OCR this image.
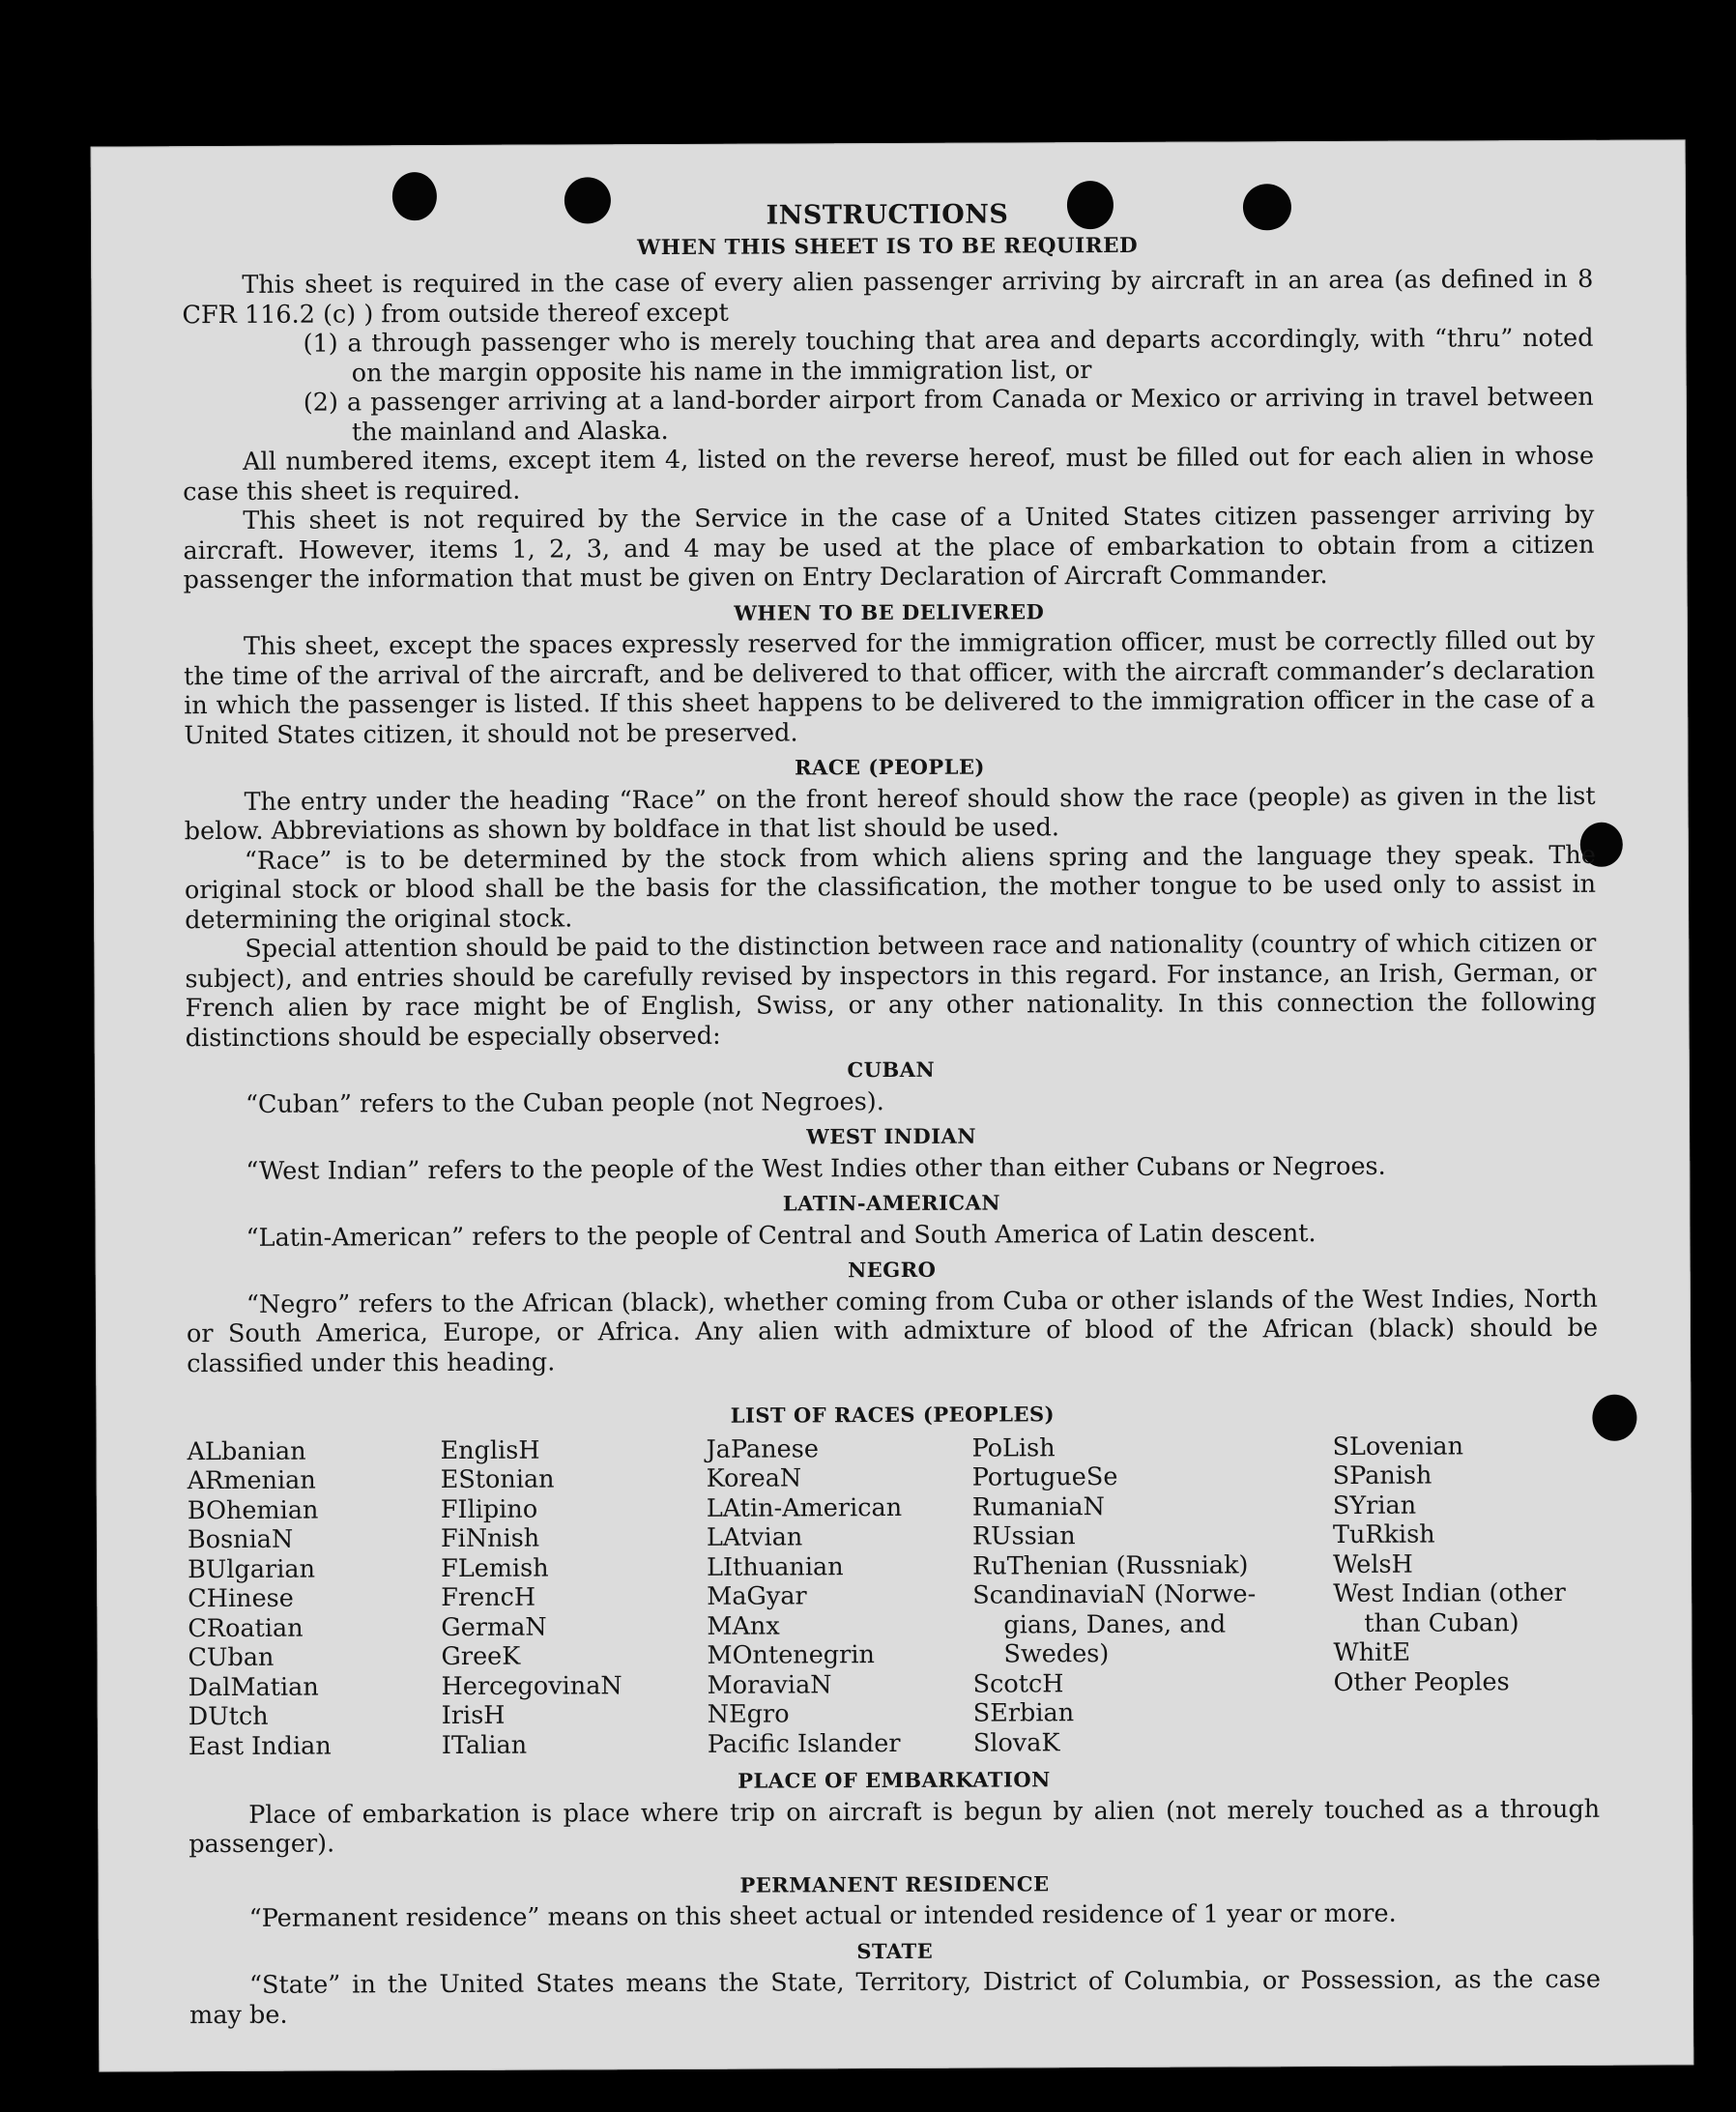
INSTRUCTIONS
WHEN THIS SHEET IS TO BE REQUIRED

This sheet is required in the case of every alien passenger arriving by aircraft in an area (as defined in 8 CFR 116.2 (c) ) from outside thereof except

(1) a through passenger who is merely touching that area and departs accordingly, with “thru” noted on the margin opposite his name in the immigration list, or

(2) a passenger arriving at a land-border airport from Canada or Mexico or arriving in travel between the mainland and Alaska.

All numbered items, except item 4, listed on the reverse hereof, must be filled out for each alien in whose case this sheet is required.

This sheet is not required by the Service in the case of a United States citizen passenger arriving by aircraft. However, items 1, 2, 3, and 4 may be used at the place of embarkation to obtain from a citizen passenger the information that must be given on Entry Declaration of Aircraft Commander.

WHEN TO BE DELIVERED

This sheet, except the spaces expressly reserved for the immigration officer, must be correctly filled out by the time of the arrival of the aircraft, and be delivered to that officer, with the aircraft commander’s declaration in which the passenger is listed. If this sheet happens to be delivered to the immigration officer in the case of a United States citizen, it should not be preserved.

RACE (PEOPLE)

The entry under the heading “Race” on the front hereof should show the race (people) as given in the list below. Abbreviations as shown by boldface in that list should be used.

“Race” is to be determined by the stock from which aliens spring and the language they speak. The original stock or blood shall be the basis for the classification, the mother tongue to be used only to assist in determining the original stock.

Special attention should be paid to the distinction between race and nationality (country of which citizen or subject), and entries should be carefully revised by inspectors in this regard. For instance, an Irish, German, or French alien by race might be of English, Swiss, or any other nationality. In this connection the following distinctions should be especially observed:

CUBAN

“Cuban” refers to the Cuban people (not Negroes).

WEST INDIAN

“West Indian” refers to the people of the West Indies other than either Cubans or Negroes.

LATIN-AMERICAN

“Latin-American” refers to the people of Central and South America of Latin descent.

NEGRO

“Negro” refers to the African (black), whether coming from Cuba or other islands of the West Indies, North or South America, Europe, or Africa. Any alien with admixture of blood of the African (black) should be classified under this heading.

LIST OF RACES (PEOPLES)
ALbanian
ARmenian
BOhemian
BosniaN
BUlgarian
CHinese
CRoatian
CUban
DalMatian
DUtch
East Indian
EnglisH
EStonian
FIlipino
FiNnish
FLemish
FrencH
GermaN
GreeK
HercegovinaN
IrisH
ITalian
JaPanese
KoreaN
LAtin-American
LAtvian
LIthuanian
MaGyar
MAnx
MOntenegrin
MoraviaN
NEgro
Pacific Islander
PoLish
PortugueSe
RumaniaN
RUssian
RuThenian (Russniak)
ScandinaviaN (Norwe-
gians, Danes, and
Swedes)
ScotcH
SErbian
SlovaK
SLovenian
SPanish
SYrian
TuRkish
WelsH
West Indian (other
than Cuban)
WhitE
Other Peoples
PLACE OF EMBARKATION

Place of embarkation is place where trip on aircraft is begun by alien (not merely touched as a through passenger).

PERMANENT RESIDENCE

“Permanent residence” means on this sheet actual or intended residence of 1 year or more.

STATE

“State” in the United States means the State, Territory, District of Columbia, or Possession, as the case may be.
